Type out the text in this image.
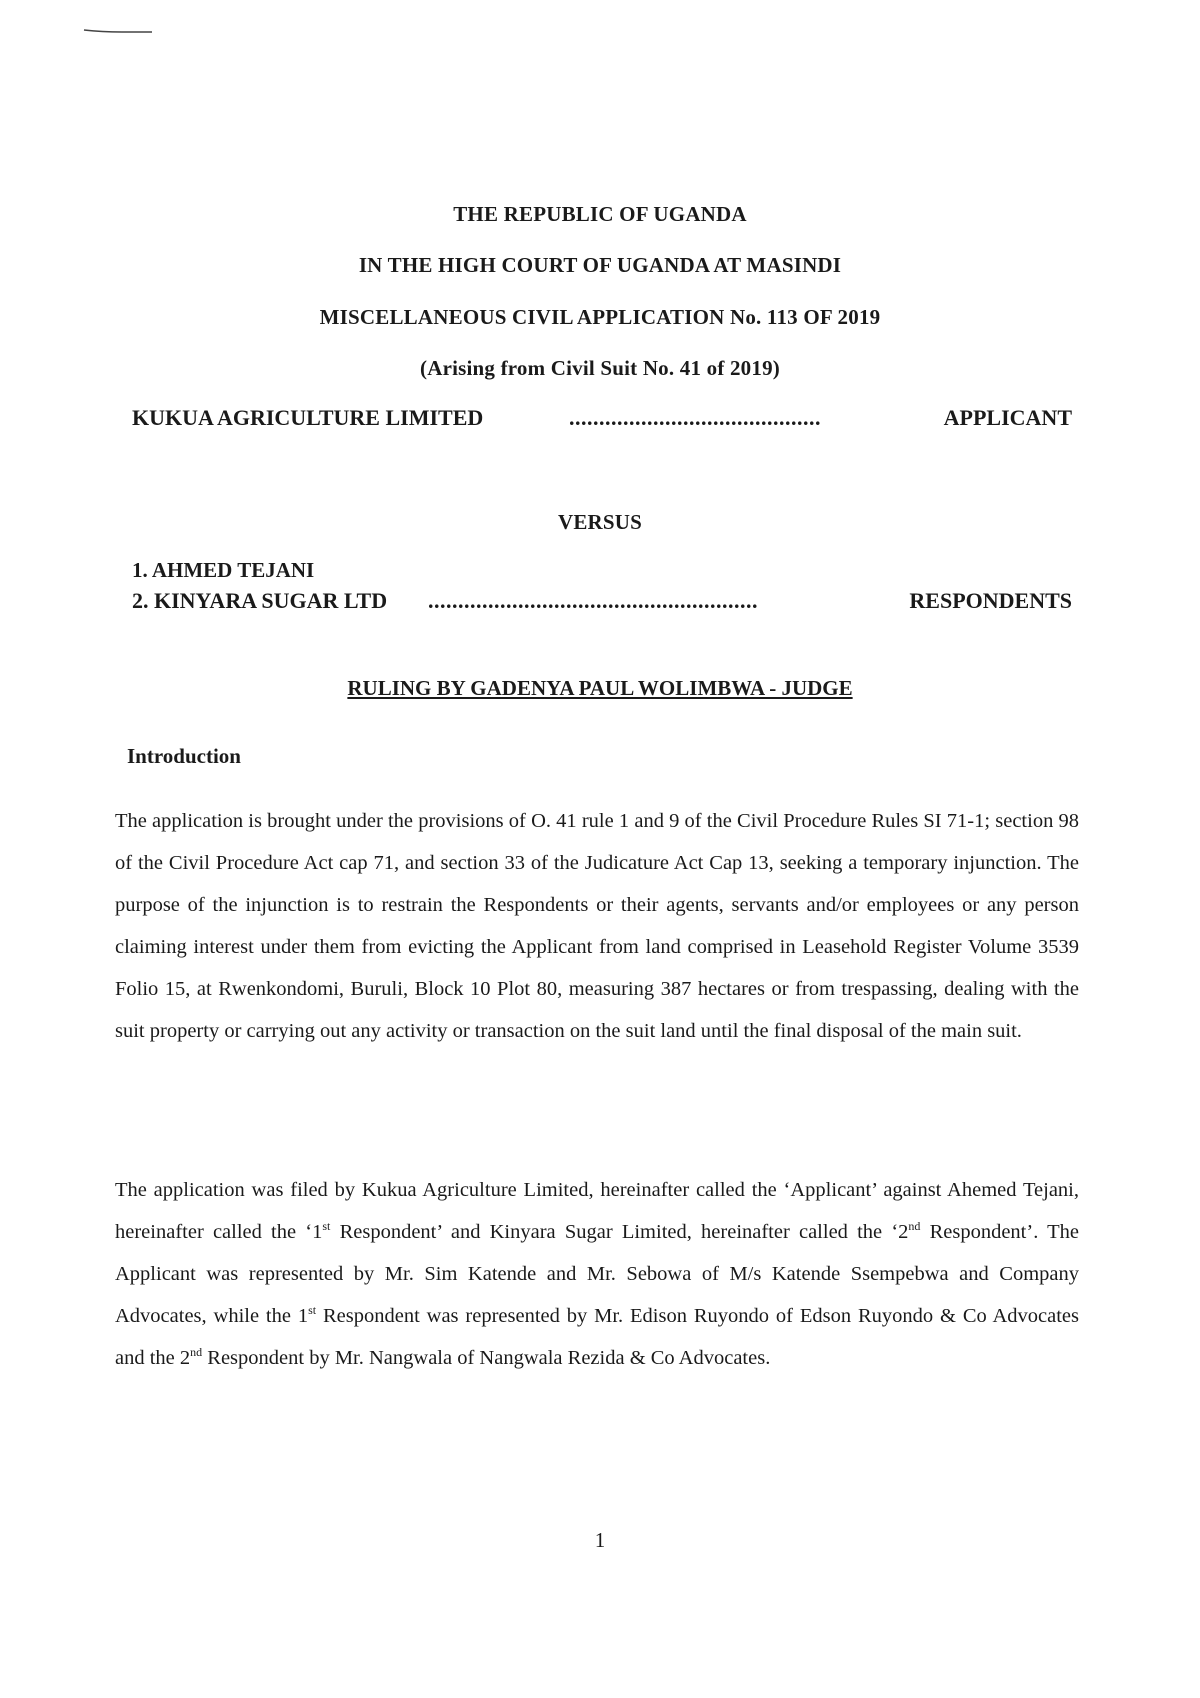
THE REPUBLIC OF UGANDA
IN THE HIGH COURT OF UGANDA AT MASINDI
MISCELLANEOUS CIVIL APPLICATION No. 113 OF 2019
(Arising from Civil Suit No. 41 of 2019)
KUKUA AGRICULTURE LIMITED	..........................................	APPLICANT
VERSUS
1. AHMED TEJANI
2. KINYARA SUGAR LTD .......................................................	RESPONDENTS
RULING BY GADENYA PAUL WOLIMBWA - JUDGE
Introduction

The application is brought under the provisions of O. 41 rule 1 and 9 of the Civil Procedure Rules SI 71-1; section 98 of the Civil Procedure Act cap 71, and section 33 of the Judicature Act Cap 13, seeking a temporary injunction. The purpose of the injunction is to restrain the Respondents or their agents, servants and/or employees or any person claiming interest under them from evicting the Applicant from land comprised in Leasehold Register Volume 3539 Folio 15, at Rwenkondomi, Buruli, Block 10 Plot 80, measuring 387 hectares or from trespassing, dealing with the suit property or carrying out any activity or transaction on the suit land until the final disposal of the main suit.

The application was filed by Kukua Agriculture Limited, hereinafter called the ‘Applicant’ against Ahemed Tejani, hereinafter called the ‘1st Respondent’ and Kinyara Sugar Limited, hereinafter called the ‘2nd Respondent’. The Applicant was represented by Mr. Sim Katende and Mr. Sebowa of M/s Katende Ssempebwa and Company Advocates, while the 1st Respondent was represented by Mr. Edison Ruyondo of Edson Ruyondo & Co Advocates and the 2nd Respondent by Mr. Nangwala of Nangwala Rezida & Co Advocates.

1
